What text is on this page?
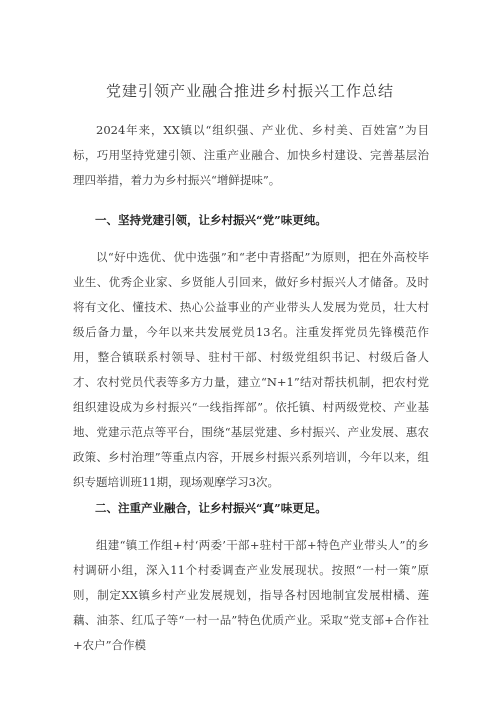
党建引领产业融合推进乡村振兴工作总结

2024年来，XX镇以“组织强、产业优、乡村美、百姓富”为目标，巧用坚持党建引领、注重产业融合、加快乡村建设、完善基层治理四举措，着力为乡村振兴“增鲜提味”。

一、坚持党建引领，让乡村振兴“党”味更纯。

以“好中选优、优中选强”和“老中青搭配”为原则，把在外高校毕业生、优秀企业家、乡贤能人引回来，做好乡村振兴人才储备。及时将有文化、懂技术、热心公益事业的产业带头人发展为党员，壮大村级后备力量，今年以来共发展党员13名。注重发挥党员先锋模范作用，整合镇联系村领导、驻村干部、村级党组织书记、村级后备人才、农村党员代表等多方力量，建立“N+1”结对帮扶机制，把农村党组织建设成为乡村振兴“一线指挥部”。依托镇、村两级党校、产业基地、党建示范点等平台，围绕“基层党建、乡村振兴、产业发展、惠农政策、乡村治理”等重点内容，开展乡村振兴系列培训，今年以来，组织专题培训班11期，现场观摩学习3次。

二、注重产业融合，让乡村振兴“真”味更足。

组建“镇工作组+村‘两委’干部+驻村干部+特色产业带头人”的乡村调研小组，深入11个村委调查产业发展现状。按照“一村一策”原则，制定XX镇乡村产业发展规划，指导各村因地制宜发展柑橘、莲藕、油茶、红瓜子等“一村一品”特色优质产业。采取“党支部+合作社+农户”合作模
